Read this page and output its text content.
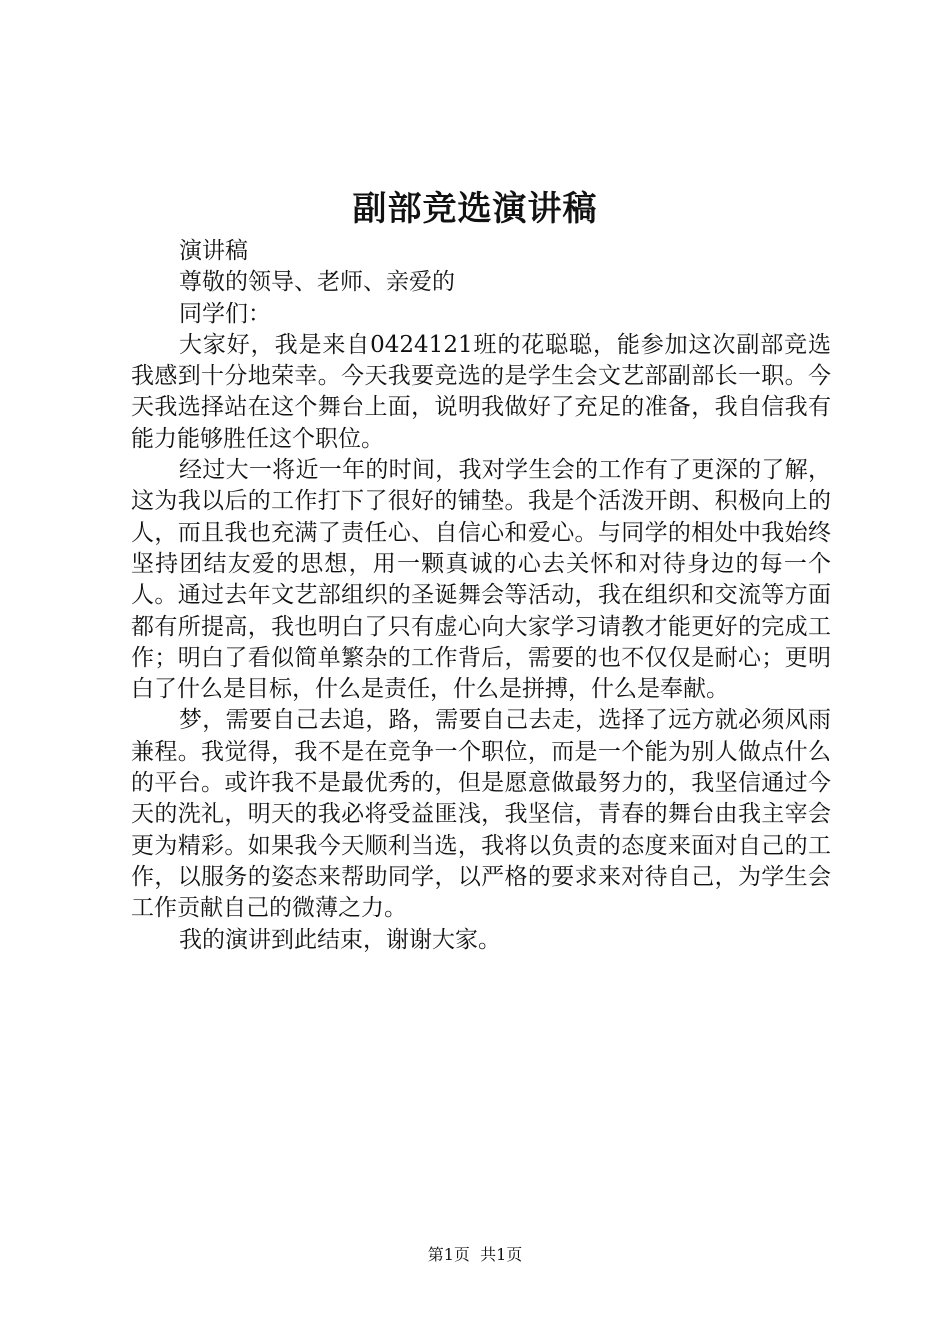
副部竞选演讲稿

演讲稿

尊敬的领导、老师、亲爱的

同学们：

大家好，我是来自0424121班的花聪聪，能参加这次副部竞选我感到十分地荣幸。今天我要竞选的是学生会文艺部副部长一职。今天我选择站在这个舞台上面，说明我做好了充足的准备，我自信我有能力能够胜任这个职位。

经过大一将近一年的时间，我对学生会的工作有了更深的了解，这为我以后的工作打下了很好的铺垫。我是个活泼开朗、积极向上的人，而且我也充满了责任心、自信心和爱心。与同学的相处中我始终坚持团结友爱的思想，用一颗真诚的心去关怀和对待身边的每一个人。通过去年文艺部组织的圣诞舞会等活动，我在组织和交流等方面都有所提高，我也明白了只有虚心向大家学习请教才能更好的完成工作；明白了看似简单繁杂的工作背后，需要的也不仅仅是耐心；更明白了什么是目标，什么是责任，什么是拼搏，什么是奉献。

梦，需要自己去追，路，需要自己去走，选择了远方就必须风雨兼程。我觉得，我不是在竞争一个职位，而是一个能为别人做点什么的平台。或许我不是最优秀的，但是愿意做最努力的，我坚信通过今天的洗礼，明天的我必将受益匪浅，我坚信，青春的舞台由我主宰会更为精彩。如果我今天顺利当选，我将以负责的态度来面对自己的工作，以服务的姿态来帮助同学，以严格的要求来对待自己，为学生会工作贡献自己的微薄之力。

我的演讲到此结束，谢谢大家。

第1页 共1页
